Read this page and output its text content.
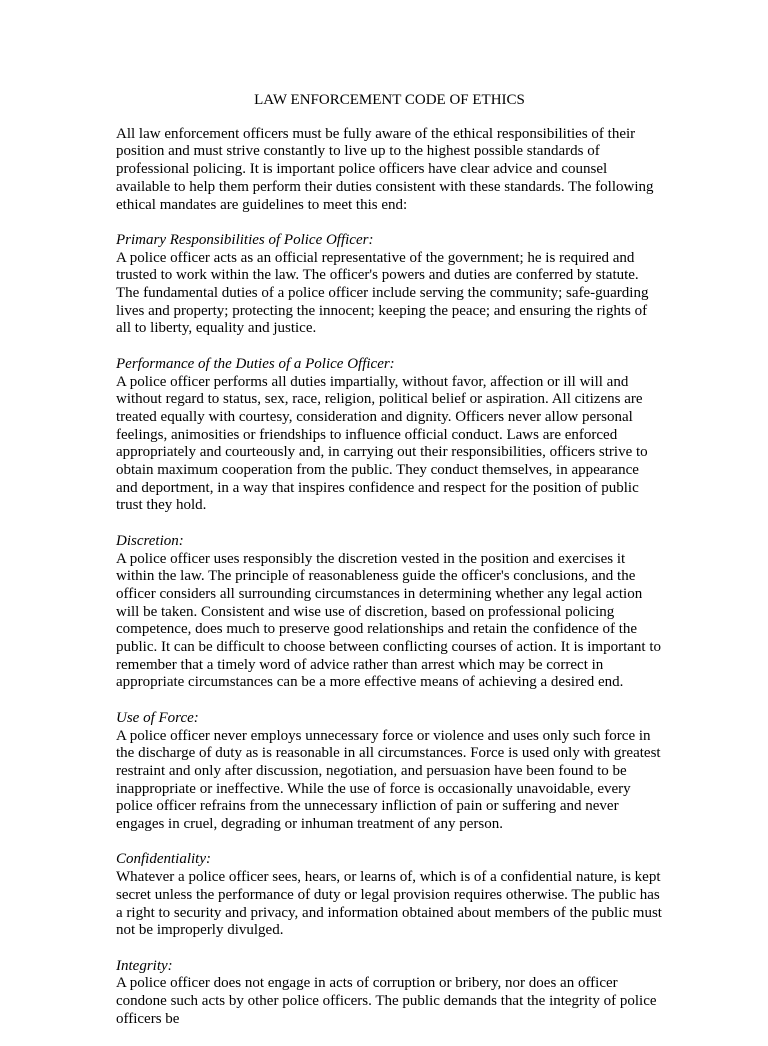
LAW ENFORCEMENT CODE OF ETHICS

All law enforcement officers must be fully aware of the ethical responsibilities of their position and must strive constantly to live up to the highest possible standards of professional policing. It is important police officers have clear advice and counsel available to help them perform their duties consistent with these standards. The following ethical mandates are guidelines to meet this end:

Primary Responsibilities of Police Officer:
A police officer acts as an official representative of the government; he is required and trusted to work within the law. The officer's powers and duties are conferred by statute. The fundamental duties of a police officer include serving the community; safe-guarding lives and property; protecting the innocent; keeping the peace; and ensuring the rights of all to liberty, equality and justice.
Performance of the Duties of a Police Officer:
A police officer performs all duties impartially, without favor, affection or ill will and without regard to status, sex, race, religion, political belief or aspiration. All citizens are treated equally with courtesy, consideration and dignity. Officers never allow personal feelings, animosities or friendships to influence official conduct. Laws are enforced appropriately and courteously and, in carrying out their responsibilities, officers strive to obtain maximum cooperation from the public. They conduct themselves, in appearance and deportment, in a way that inspires confidence and respect for the position of public trust they hold.
Discretion:
A police officer uses responsibly the discretion vested in the position and exercises it within the law. The principle of reasonableness guide the officer's conclusions, and the officer considers all surrounding circumstances in determining whether any legal action will be taken. Consistent and wise use of discretion, based on professional policing competence, does much to preserve good relationships and retain the confidence of the public. It can be difficult to choose between conflicting courses of action. It is important to remember that a timely word of advice rather than arrest which may be correct in appropriate circumstances can be a more effective means of achieving a desired end.
Use of Force:
A police officer never employs unnecessary force or violence and uses only such force in the discharge of duty as is reasonable in all circumstances. Force is used only with greatest restraint and only after discussion, negotiation, and persuasion have been found to be inappropriate or ineffective. While the use of force is occasionally unavoidable, every police officer refrains from the unnecessary infliction of pain or suffering and never engages in cruel, degrading or inhuman treatment of any person.
Confidentiality:
Whatever a police officer sees, hears, or learns of, which is of a confidential nature, is kept secret unless the performance of duty or legal provision requires otherwise. The public has a right to security and privacy, and information obtained about members of the public must not be improperly divulged.
Integrity:
A police officer does not engage in acts of corruption or bribery, nor does an officer condone such acts by other police officers. The public demands that the integrity of police officers be
